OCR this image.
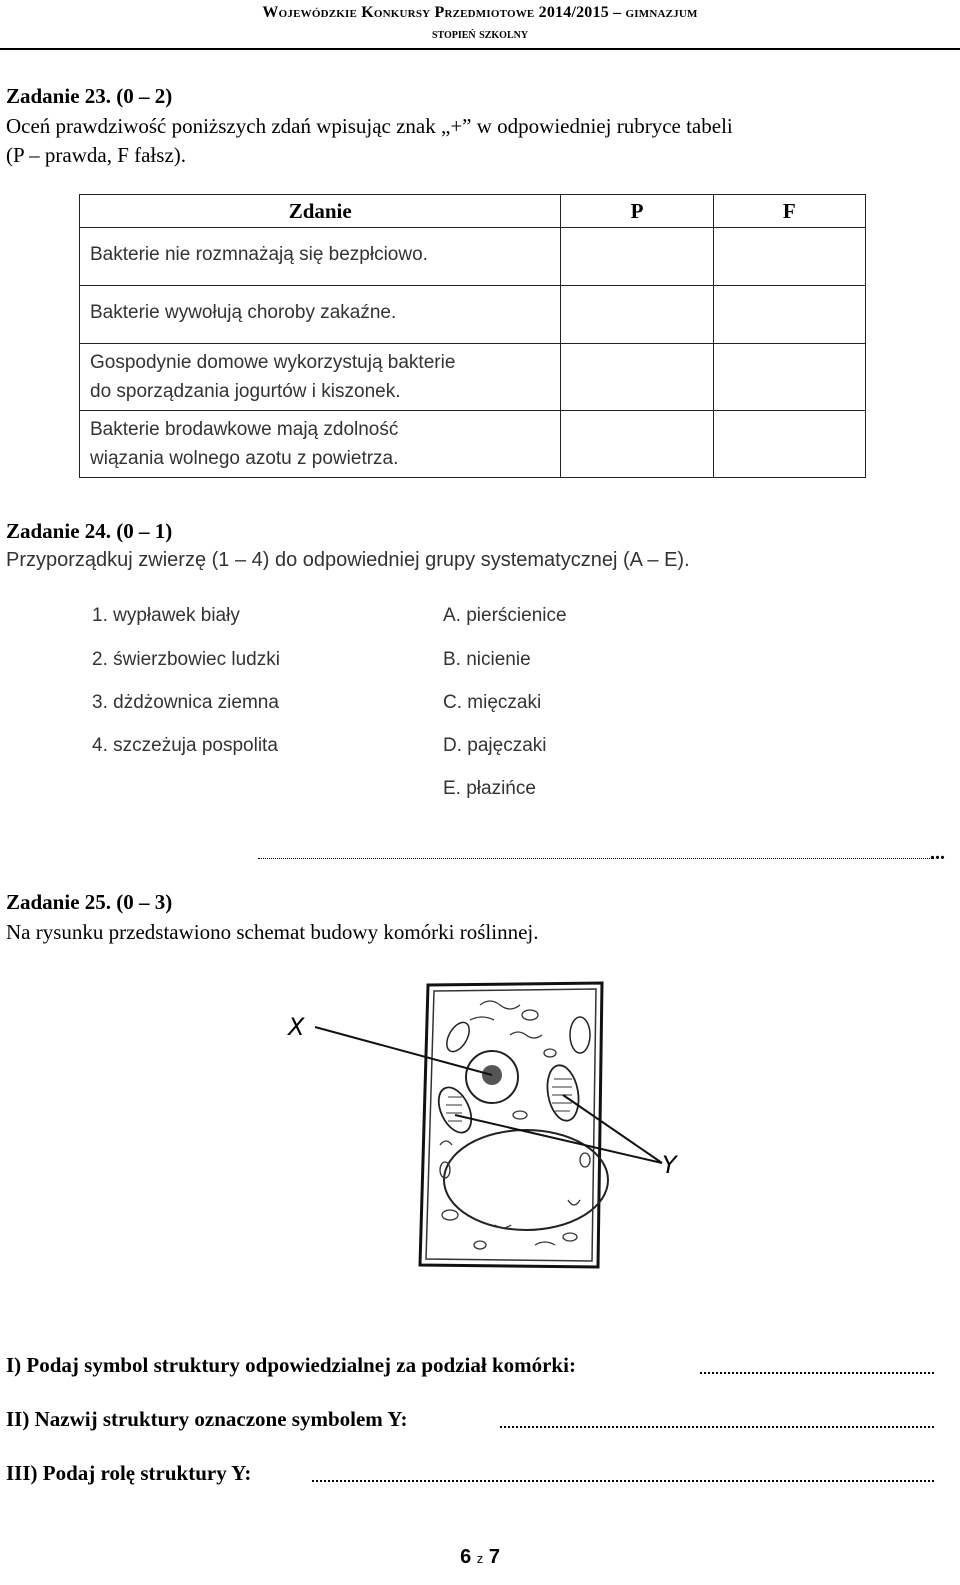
Wojewódzkie Konkursy Przedmiotowe 2014/2015 – gimnazjum
stopień szkolny
Zadanie 23. (0 – 2)
Oceń prawdziwość poniższych zdań wpisując znak „+” w odpowiedniej rubryce tabeli
(P – prawda, F fałsz).
Zdanie	P	F
Bakterie nie rozmnażają się bezpłciowo.		
Bakterie wywołują choroby zakaźne.		

Gospodynie domowe wykorzystują bakterie
do sporządzania jogurtów i kiszonek.		

Bakterie brodawkowe mają zdolność
wiązania wolnego azotu z powietrza.		

Zadanie 24. (0 – 1)
Przyporządkuj zwierzę (1 – 4) do odpowiedniej grupy systematycznej (A – E).
1. wypławek biały
2. świerzbowiec ludzki
3. dżdżownica ziemna
4. szczeżuja pospolita
A. pierścienice
B. nicienie
C. mięczaki
D. pajęczaki
E. płazińce
...
Zadanie 25. (0 – 3)
Na rysunku przedstawiono schemat budowy komórki roślinnej.
X
Y
I) Podaj symbol struktury odpowiedzialnej za podział komórki:
II) Nazwij struktury oznaczone symbolem Y:
III) Podaj rolę struktury Y:
6 z 7
